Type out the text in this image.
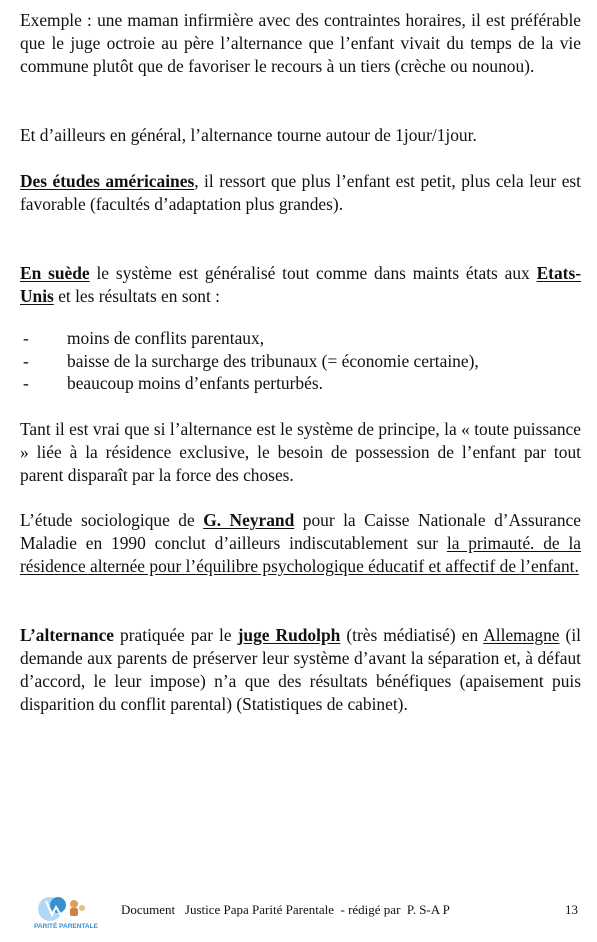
Exemple : une maman infirmière avec des contraintes horaires, il est préférable que le juge octroie au père l’alternance que l’enfant vivait du temps de la vie commune plutôt que de favoriser le recours à un tiers (crèche ou nounou).

Et d’ailleurs en général, l’alternance tourne autour de 1jour/1jour.

Des études américaines, il ressort que plus l’enfant est petit, plus cela leur est favorable (facultés d’adaptation plus grandes).

En suède le système est généralisé tout comme dans maints états aux Etats-Unis et les résultats en sont :

-	moins de conflits parentaux,
-	baisse de la surcharge des tribunaux (= économie certaine),
-	beaucoup moins d’enfants perturbés.

Tant il est vrai que si l’alternance est le système de principe, la « toute puissance » liée à la résidence exclusive, le besoin de possession de l’enfant par tout parent disparaît par la force des choses.

L’étude sociologique de G. Neyrand pour la Caisse Nationale d’Assurance Maladie en 1990 conclut d’ailleurs indiscutablement sur la primauté. de la résidence alternée pour l’équilibre psychologique éducatif et affectif de l’enfant.

L’alternance pratiquée par le juge Rudolph (très médiatisé) en Allemagne (il demande aux parents de préserver leur système d’avant la séparation et, à défaut d’accord, le leur impose) n’a que des résultats bénéfiques (apaisement puis disparition du conflit parental) (Statistiques de cabinet).

PARITÉ PARENTALE
Document   Justice Papa Parité Parentale  - rédigé par  P. S-A P	13
